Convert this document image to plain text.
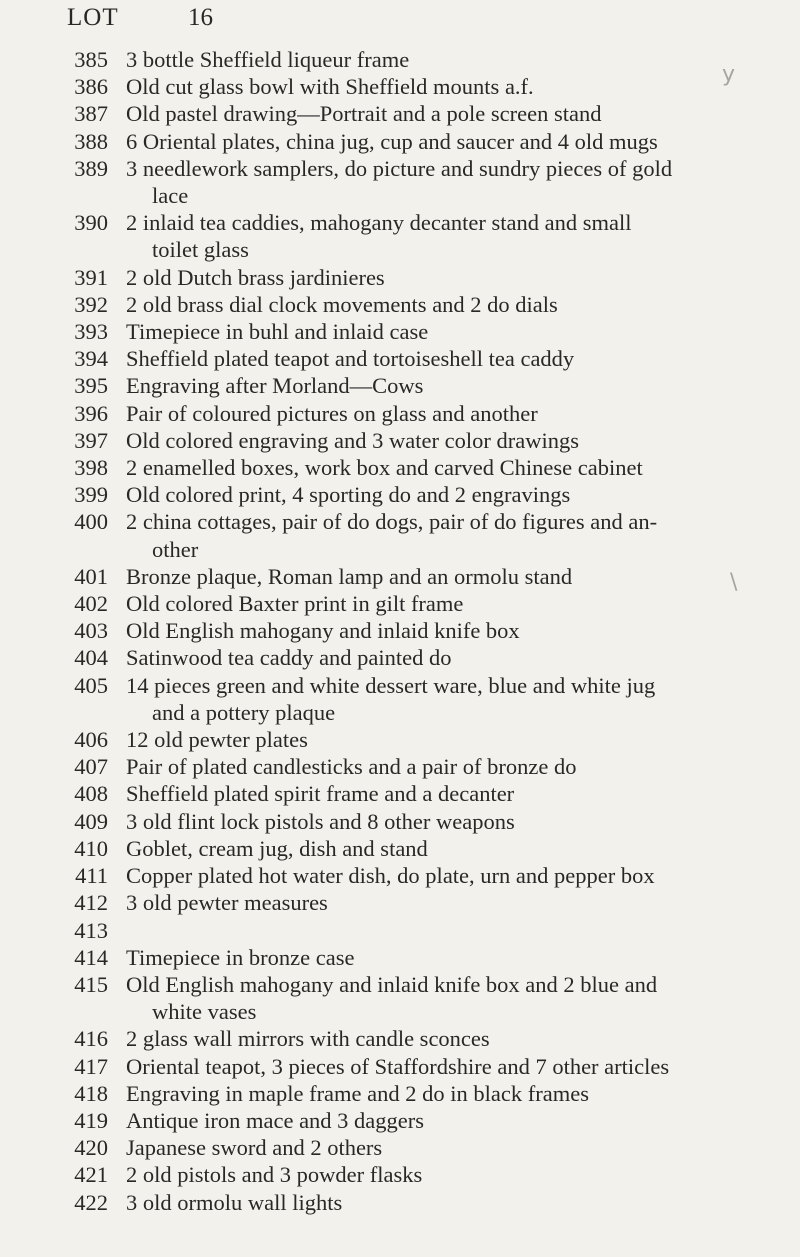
LOT	16
385 3 bottle Sheffield liqueur frame
386 Old cut glass bowl with Sheffield mounts a.f.
387 Old pastel drawing—Portrait and a pole screen stand
388 6 Oriental plates, china jug, cup and saucer and 4 old mugs
389 3 needlework samplers, do picture and sundry pieces of gold
lace
390 2 inlaid tea caddies, mahogany decanter stand and small
toilet glass
391 2 old Dutch brass jardinieres
392 2 old brass dial clock movements and 2 do dials
393 Timepiece in buhl and inlaid case
394 Sheffield plated teapot and tortoiseshell tea caddy
395 Engraving after Morland—Cows
396 Pair of coloured pictures on glass and another
397 Old colored engraving and 3 water color drawings
398 2 enamelled boxes, work box and carved Chinese cabinet
399 Old colored print, 4 sporting do and 2 engravings
400 2 china cottages, pair of do dogs, pair of do figures and an-
other
401 Bronze plaque, Roman lamp and an ormolu stand
402 Old colored Baxter print in gilt frame
403 Old English mahogany and inlaid knife box
404 Satinwood tea caddy and painted do
405 14 pieces green and white dessert ware, blue and white jug
and a pottery plaque
406 12 old pewter plates
407 Pair of plated candlesticks and a pair of bronze do
408 Sheffield plated spirit frame and a decanter
409 3 old flint lock pistols and 8 other weapons
410 Goblet, cream jug, dish and stand
411 Copper plated hot water dish, do plate, urn and pepper box
412 3 old pewter measures
413

414 Timepiece in bronze case
415 Old English mahogany and inlaid knife box and 2 blue and
white vases
416 2 glass wall mirrors with candle sconces
417 Oriental teapot, 3 pieces of Staffordshire and 7 other articles
418 Engraving in maple frame and 2 do in black frames
419 Antique iron mace and 3 daggers
420 Japanese sword and 2 others
421 2 old pistols and 3 powder flasks
422 3 old ormolu wall lights
y
\
